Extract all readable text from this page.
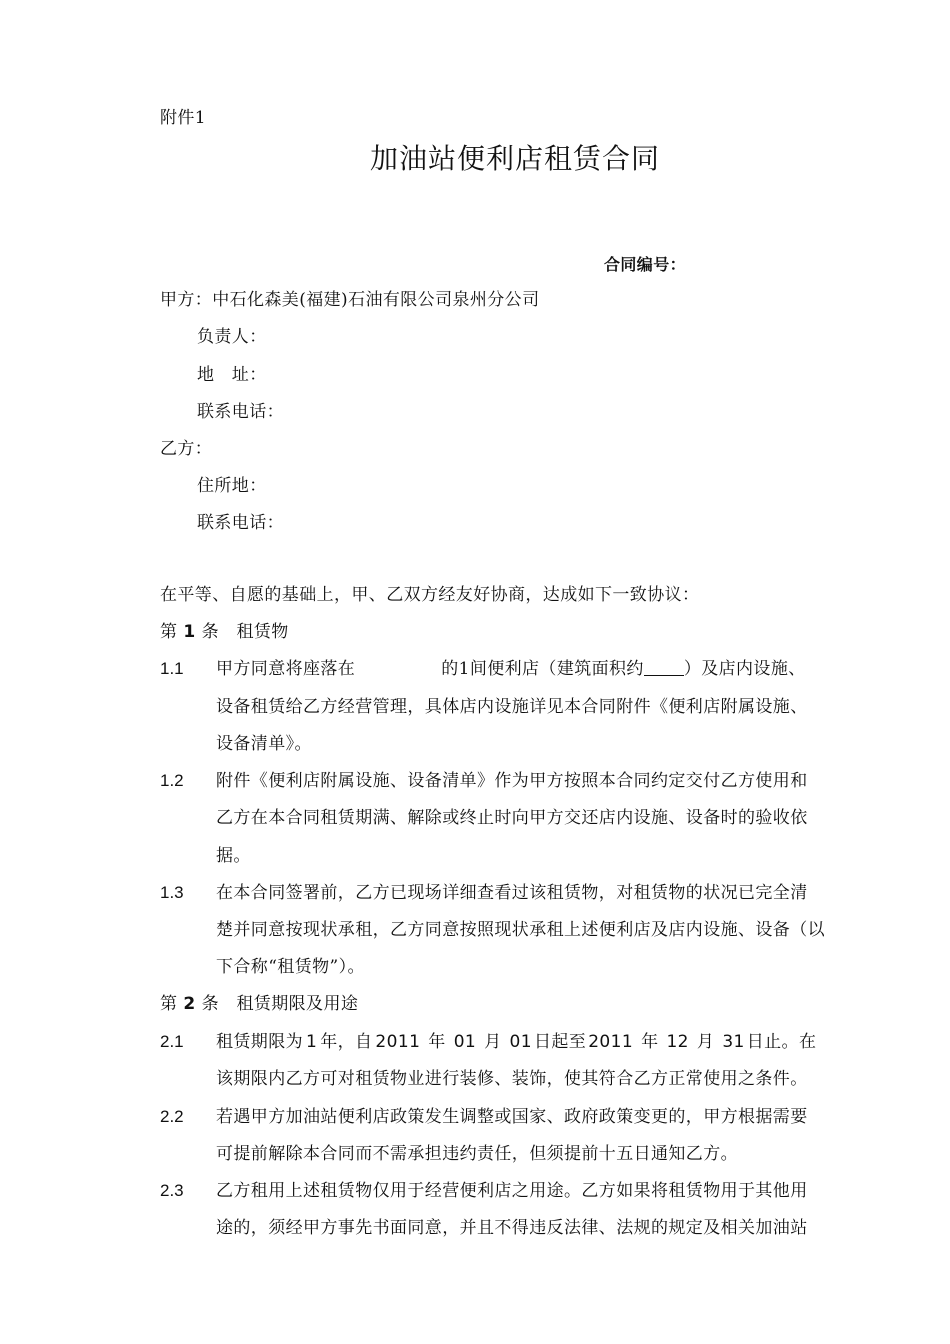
附件1
加油站便利店租赁合同
合同编号：
甲方：中石化森美(福建)石油有限公司泉州分公司
负责人：
地　址：
联系电话：
乙方：
住所地：
联系电话：
在平等、自愿的基础上，甲、乙双方经友好协商，达成如下一致协议：
第 1 条　租赁物
1.1 甲方同意将座落在	的1间便利店（建筑面积约 ）及店内设施、
设备租赁给乙方经营管理，具体店内设施详见本合同附件《便利店附属设施、
设备清单》。
1.2 附件《便利店附属设施、设备清单》作为甲方按照本合同约定交付乙方使用和
乙方在本合同租赁期满、解除或终止时向甲方交还店内设施、设备时的验收依
据。
1.3 在本合同签署前，乙方已现场详细查看过该租赁物，对租赁物的状况已完全清
楚并同意按现状承租，乙方同意按照现状承租上述便利店及店内设施、设备（以
下合称“租赁物”）。
第 2 条　租赁期限及用途
2.1 租赁期限为 1 年，自 2011 年 01 月 01 日起至 2011 年 12 月 31 日止。在
该期限内乙方可对租赁物业进行装修、装饰，使其符合乙方正常使用之条件。
2.2 若遇甲方加油站便利店政策发生调整或国家、政府政策变更的，甲方根据需要
可提前解除本合同而不需承担违约责任，但须提前十五日通知乙方。
2.3 乙方租用上述租赁物仅用于经营便利店之用途。乙方如果将租赁物用于其他用
途的，须经甲方事先书面同意，并且不得违反法律、法规的规定及相关加油站
